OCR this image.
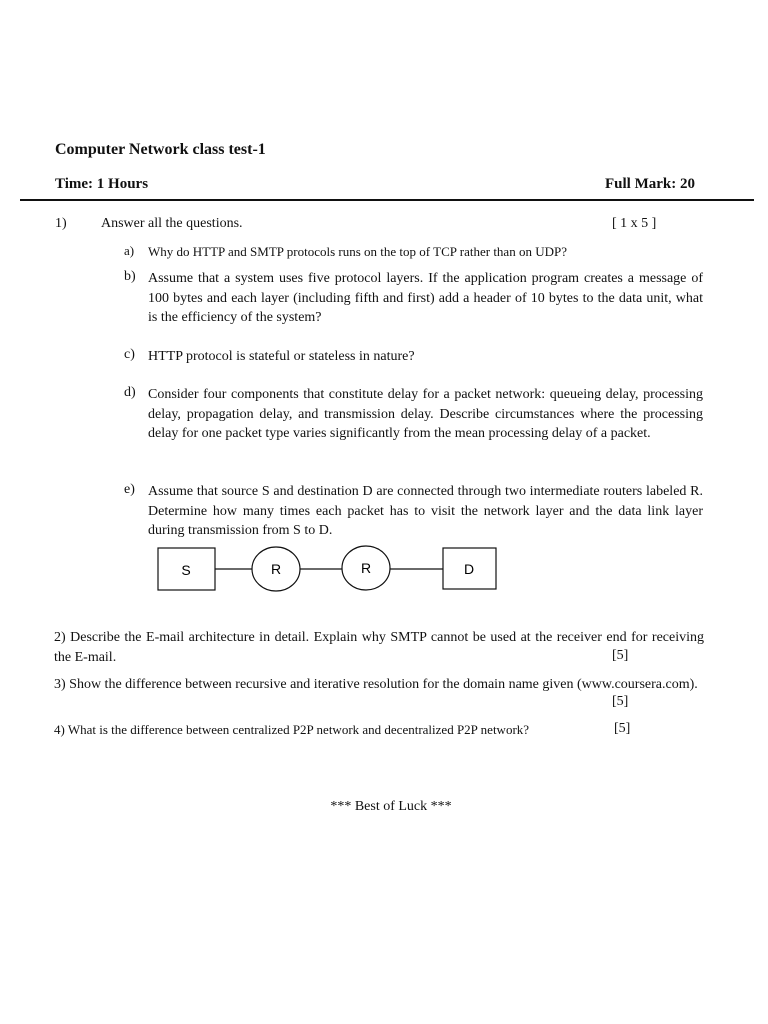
Computer Network class test-1
Time: 1 Hours	Full Mark: 20
1) Answer all the questions.	[ 1 x 5 ]
a) Why do HTTP and SMTP protocols runs on the top of TCP rather than on UDP?
b) Assume that a system uses five protocol layers. If the application program creates a message of 100 bytes and each layer (including fifth and first) add a header of 10 bytes to the data unit, what is the efficiency of the system?
c) HTTP protocol is stateful or stateless in nature?
d) Consider four components that constitute delay for a packet network: queueing delay, processing delay, propagation delay, and transmission delay. Describe circumstances where the processing delay for one packet type varies significantly from the mean processing delay of a packet.
e) Assume that source S and destination D are connected through two intermediate routers labeled R. Determine how many times each packet has to visit the network layer and the data link layer during transmission from S to D.
S	R	R	D
2) Describe the E-mail architecture in detail. Explain why SMTP cannot be used at the receiver end for receiving the E-mail.	[5]
3) Show the difference between recursive and iterative resolution for the domain name given (www.coursera.com).
[5]
4) What is the difference between centralized P2P network and decentralized P2P network?	[5]
*** Best of Luck ***
